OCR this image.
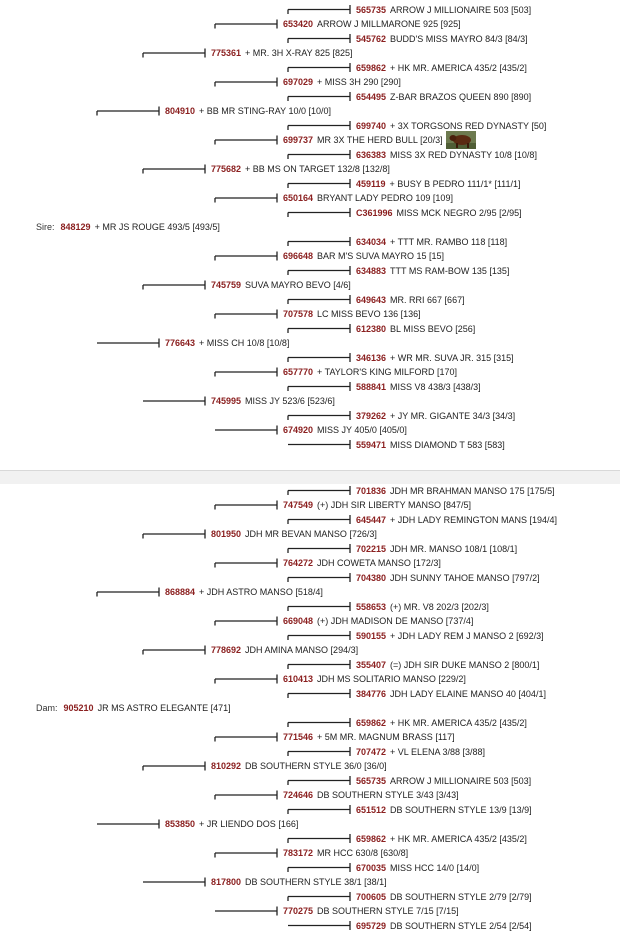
565735 ARROW J MILLIONAIRE 503 [503]
653420 ARROW J MILLMARONE 925 [925]
545762 BUDD'S MISS MAYRO 84/3 [84/3]
775361 + MR. 3H X-RAY 825 [825]
659862 + HK MR. AMERICA 435/2 [435/2]
697029 + MISS 3H 290 [290]
654495 Z-BAR BRAZOS QUEEN 890 [890]
804910 + BB MR STING-RAY 10/0 [10/0]
699740 + 3X TORGSONS RED DYNASTY [50]
699737 MR 3X THE HERD BULL [20/3]
636383 MISS 3X RED DYNASTY 10/8 [10/8]
775682 + BB MS ON TARGET 132/8 [132/8]
459119 + BUSY B PEDRO 111/1* [111/1]
650164 BRYANT LADY PEDRO 109 [109]
C361996 MISS MCK NEGRO 2/95 [2/95]
Sire: 848129 + MR JS ROUGE 493/5 [493/5]
634034 + TTT MR. RAMBO 118 [118]
696648 BAR M'S SUVA MAYRO 15 [15]
634883 TTT MS RAM-BOW 135 [135]
745759 SUVA MAYRO BEVO [4/6]
649643 MR. RRI 667 [667]
707578 LC MISS BEVO 136 [136]
612380 BL MISS BEVO [256]
776643 + MISS CH 10/8 [10/8]
346136 + WR MR. SUVA JR. 315 [315]
657770 + TAYLOR'S KING MILFORD [170]
588841 MISS V8 438/3 [438/3]
745995 MISS JY 523/6 [523/6]
379262 + JY MR. GIGANTE 34/3 [34/3]
674920 MISS JY 405/0 [405/0]
559471 MISS DIAMOND T 583 [583]
701836 JDH MR BRAHMAN MANSO 175 [175/5]
747549 (+) JDH SIR LIBERTY MANSO [847/5]
645447 + JDH LADY REMINGTON MANS [194/4]
801950 JDH MR BEVAN MANSO [726/3]
702215 JDH MR. MANSO 108/1 [108/1]
764272 JDH COWETA MANSO [172/3]
704380 JDH SUNNY TAHOE MANSO [797/2]
868884 + JDH ASTRO MANSO [518/4]
558653 (+) MR. V8 202/3 [202/3]
669048 (+) JDH MADISON DE MANSO [737/4]
590155 + JDH LADY REM J MANSO 2 [692/3]
778692 JDH AMINA MANSO [294/3]
355407 (=) JDH SIR DUKE MANSO 2 [800/1]
610413 JDH MS SOLITARIO MANSO [229/2]
384776 JDH LADY ELAINE MANSO 40 [404/1]
Dam: 905210 JR MS ASTRO ELEGANTE [471]
659862 + HK MR. AMERICA 435/2 [435/2]
771546 + 5M MR. MAGNUM BRASS [117]
707472 + VL ELENA 3/88 [3/88]
810292 DB SOUTHERN STYLE 36/0 [36/0]
565735 ARROW J MILLIONAIRE 503 [503]
724646 DB SOUTHERN STYLE 3/43 [3/43]
651512 DB SOUTHERN STYLE 13/9 [13/9]
853850 + JR LIENDO DOS [166]
659862 + HK MR. AMERICA 435/2 [435/2]
783172 MR HCC 630/8 [630/8]
670035 MISS HCC 14/0 [14/0]
817800 DB SOUTHERN STYLE 38/1 [38/1]
700605 DB SOUTHERN STYLE 2/79 [2/79]
770275 DB SOUTHERN STYLE 7/15 [7/15]
695729 DB SOUTHERN STYLE 2/54 [2/54]
